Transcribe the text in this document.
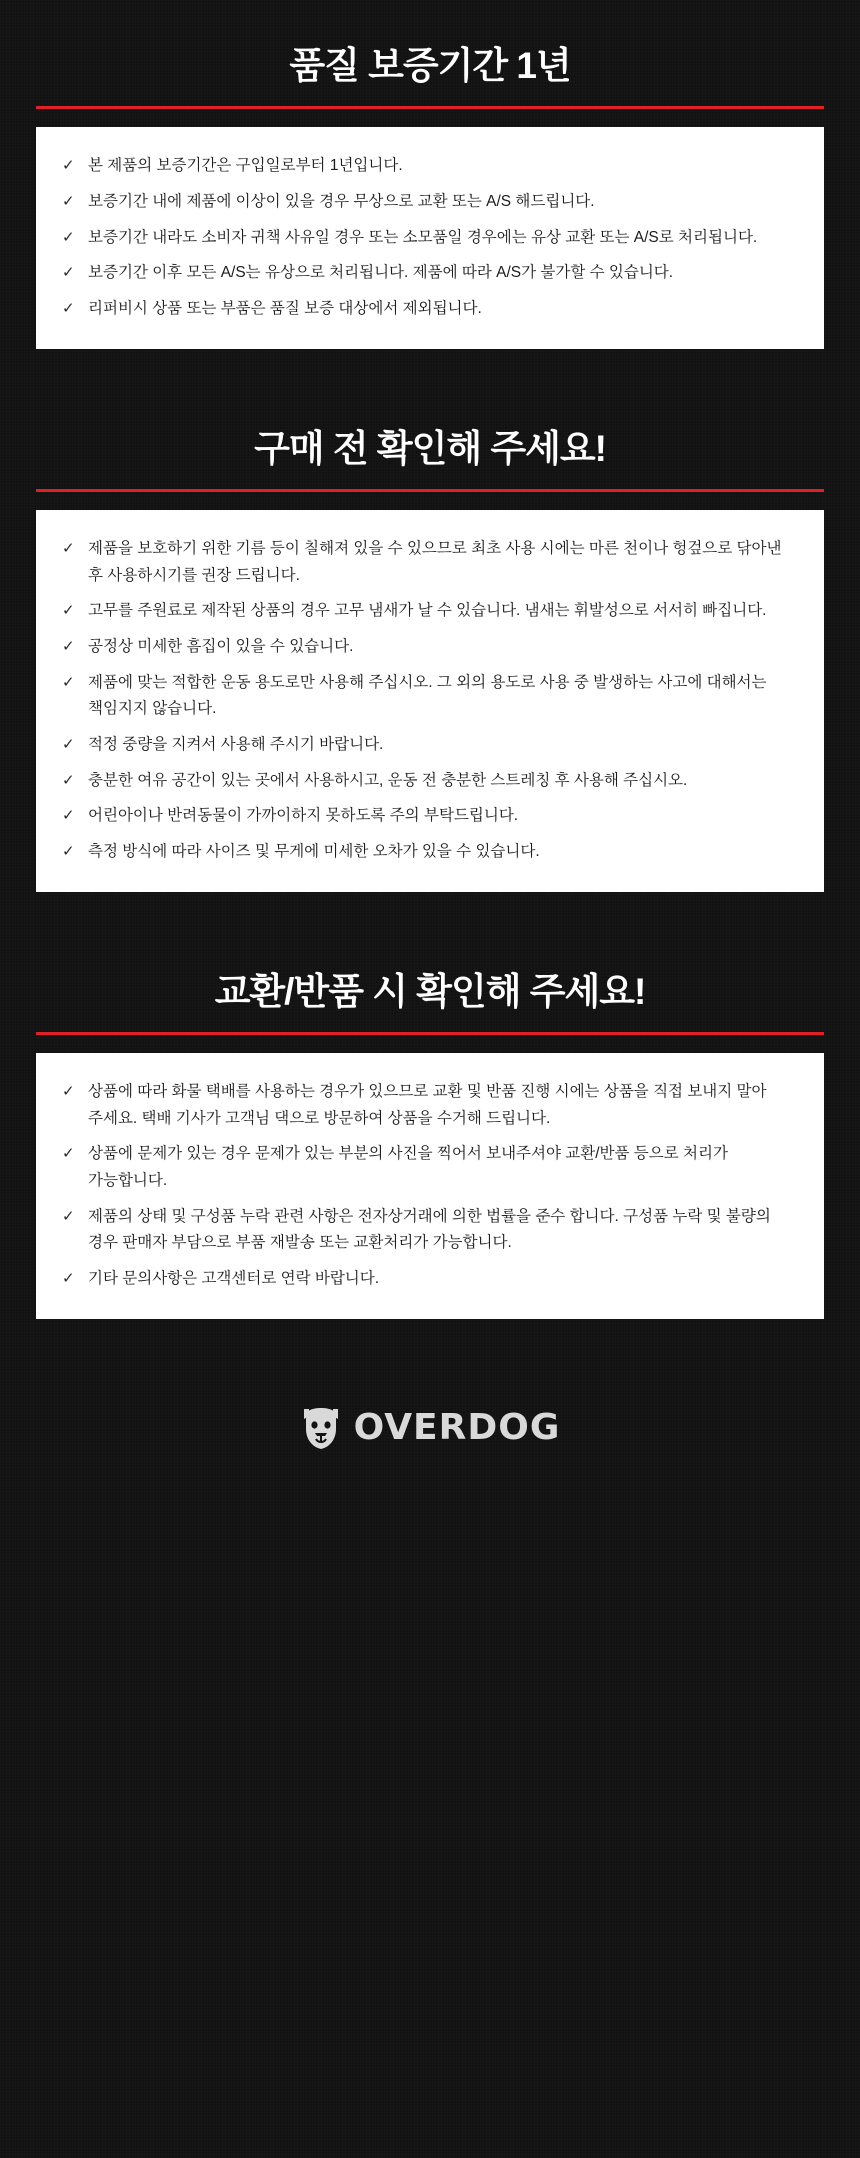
품질 보증기간 1년
✓ 본 제품의 보증기간은 구입일로부터 1년입니다.
✓ 보증기간 내에 제품에 이상이 있을 경우 무상으로 교환 또는 A/S 해드립니다.
✓ 보증기간 내라도 소비자 귀책 사유일 경우 또는 소모품일 경우에는 유상 교환 또는 A/S로 처리됩니다.
✓ 보증기간 이후 모든 A/S는 유상으로 처리됩니다. 제품에 따라 A/S가 불가할 수 있습니다.
✓ 리퍼비시 상품 또는 부품은 품질 보증 대상에서 제외됩니다.
구매 전 확인해 주세요!
✓ 제품을 보호하기 위한 기름 등이 칠해져 있을 수 있으므로 최초 사용 시에는 마른 천이나 헝겊으로 닦아낸 후 사용하시기를 권장 드립니다.
✓ 고무를 주원료로 제작된 상품의 경우 고무 냄새가 날 수 있습니다. 냄새는 휘발성으로 서서히 빠집니다.
✓ 공정상 미세한 흠집이 있을 수 있습니다.
✓ 제품에 맞는 적합한 운동 용도로만 사용해 주십시오. 그 외의 용도로 사용 중 발생하는 사고에 대해서는 책임지지 않습니다.
✓ 적정 중량을 지켜서 사용해 주시기 바랍니다.
✓ 충분한 여유 공간이 있는 곳에서 사용하시고, 운동 전 충분한 스트레칭 후 사용해 주십시오.
✓ 어린아이나 반려동물이 가까이하지 못하도록 주의 부탁드립니다.
✓ 측정 방식에 따라 사이즈 및 무게에 미세한 오차가 있을 수 있습니다.
교환/반품 시 확인해 주세요!
✓ 상품에 따라 화물 택배를 사용하는 경우가 있으므로 교환 및 반품 진행 시에는 상품을 직접 보내지 말아 주세요. 택배 기사가 고객님 댁으로 방문하여 상품을 수거해 드립니다.
✓ 상품에 문제가 있는 경우 문제가 있는 부분의 사진을 찍어서 보내주셔야 교환/반품 등으로 처리가 가능합니다.
✓ 제품의 상태 및 구성품 누락 관련 사항은 전자상거래에 의한 법률을 준수 합니다. 구성품 누락 및 불량의 경우 판매자 부담으로 부품 재발송 또는 교환처리가 가능합니다.
✓ 기타 문의사항은 고객센터로 연락 바랍니다.
OVERDOG
